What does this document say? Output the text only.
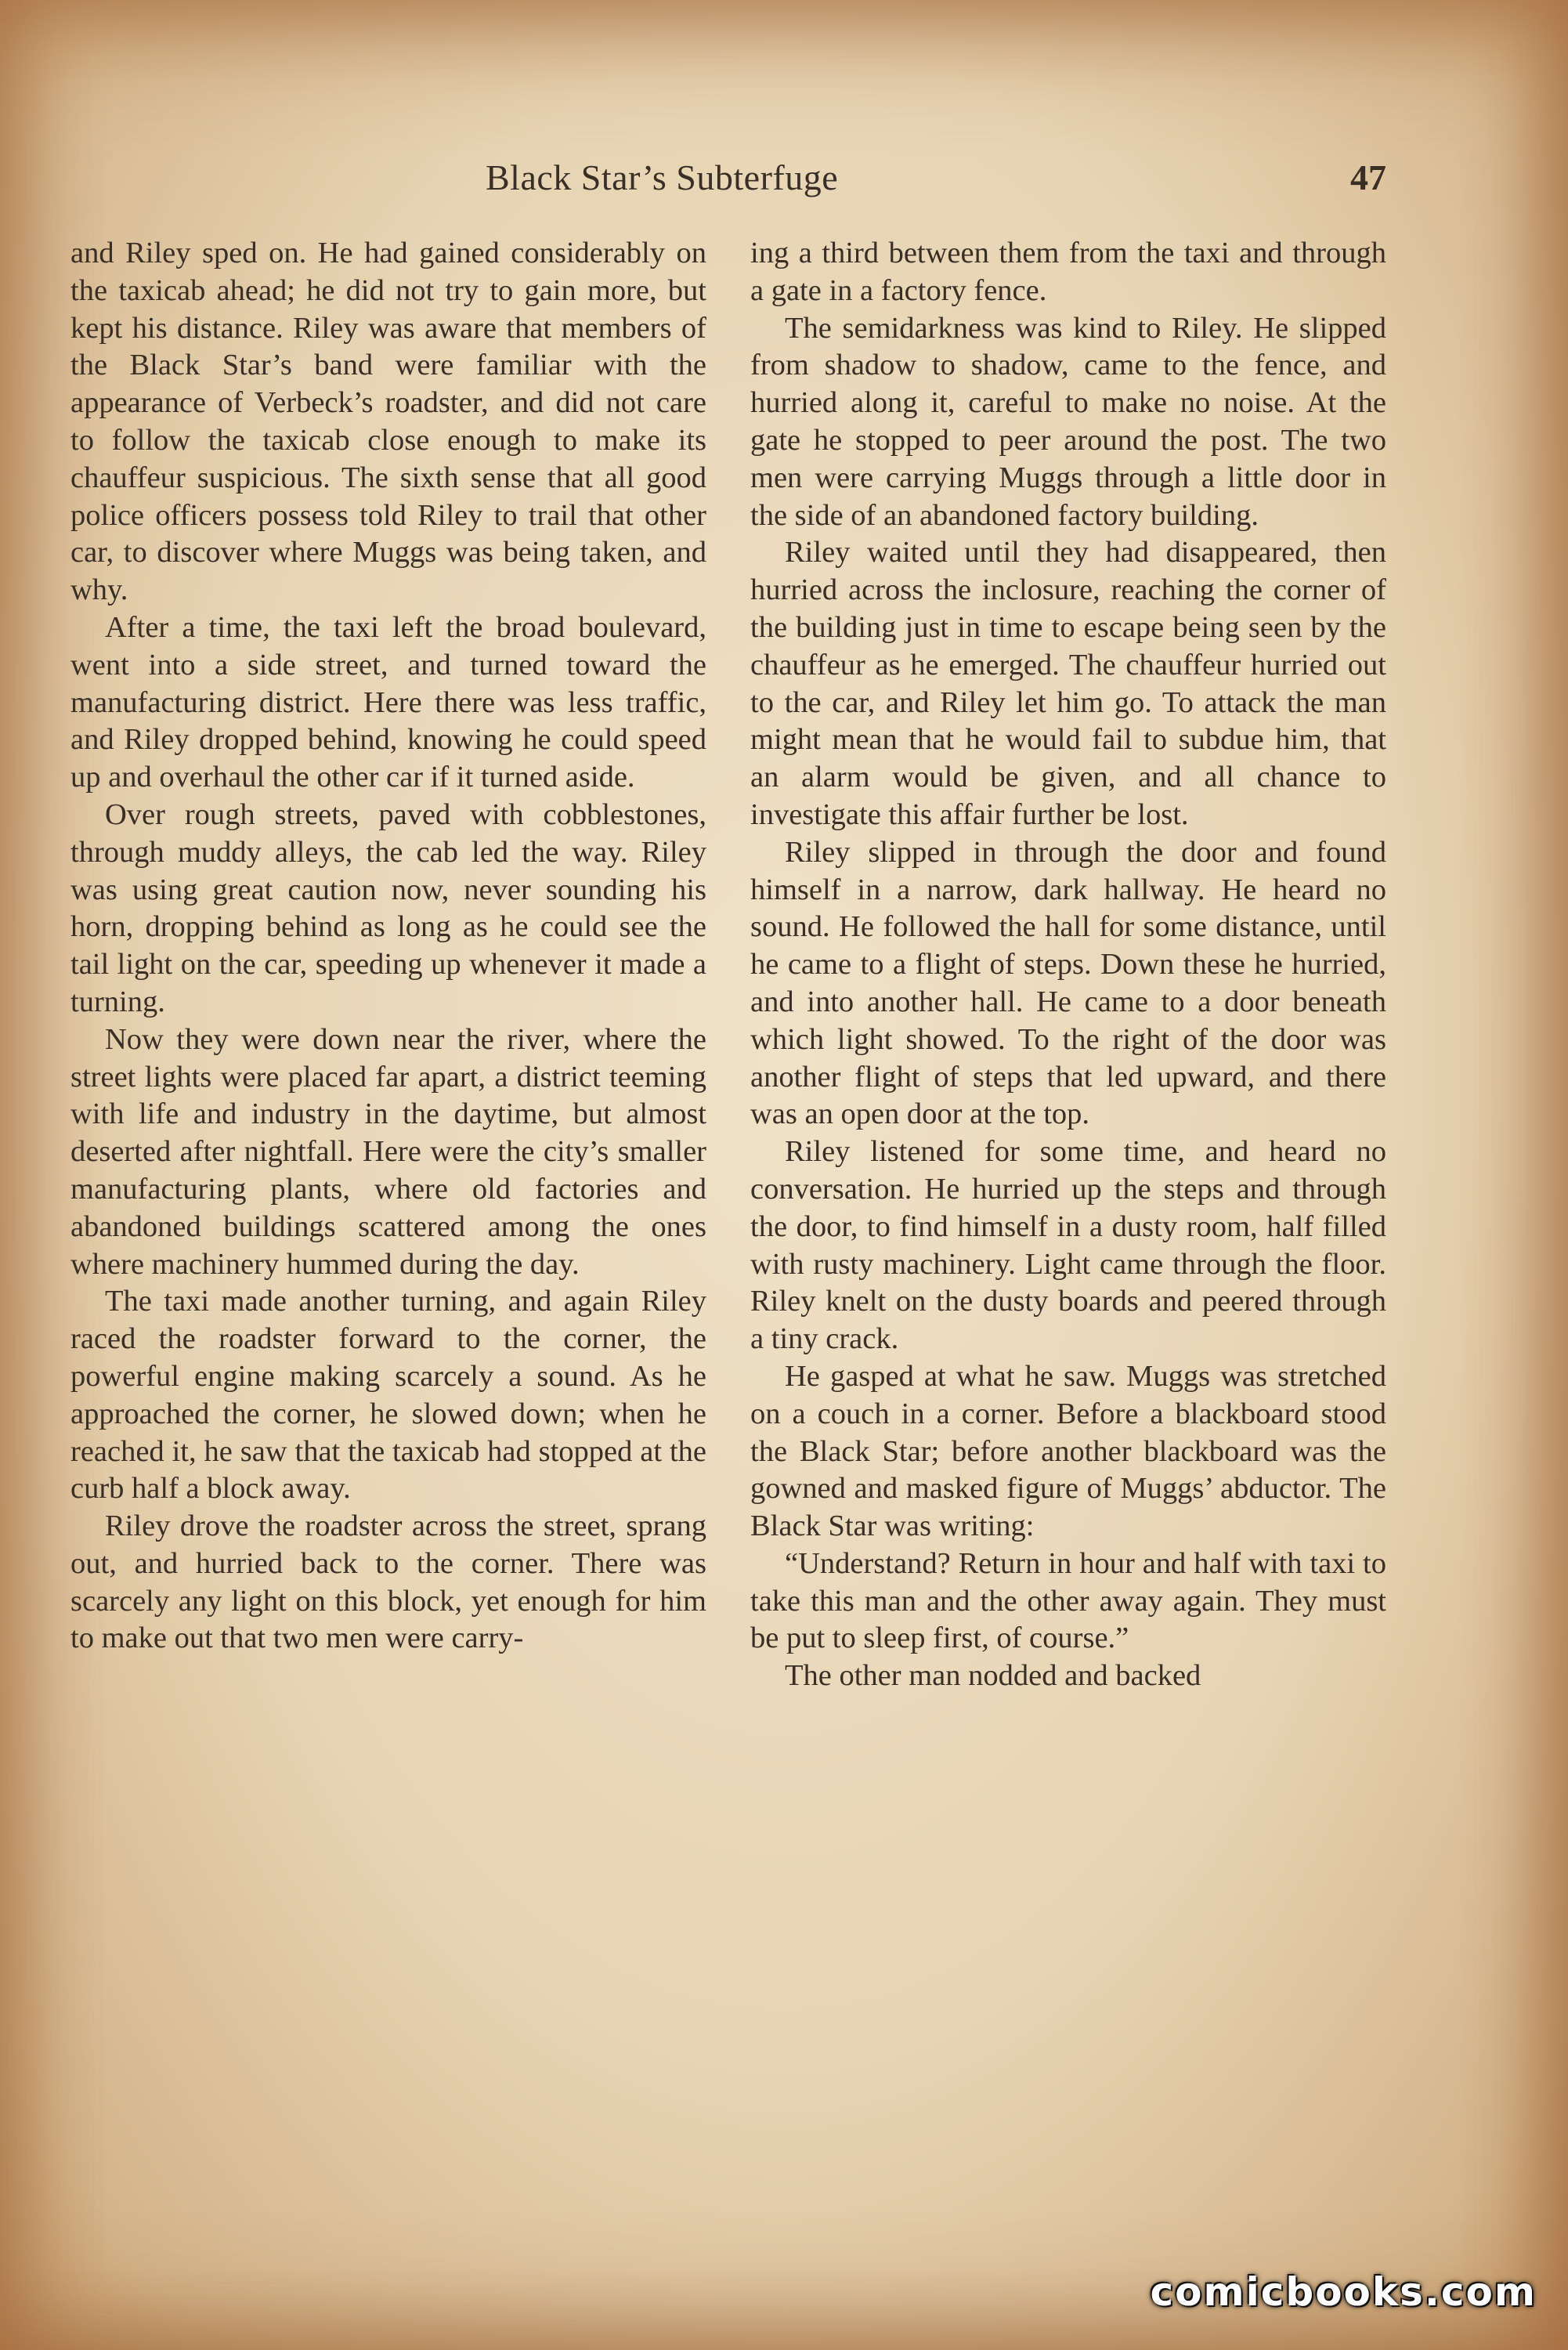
Black Star’s Subterfuge	47

and Riley sped on. He had gained considerably on the taxicab ahead; he did not try to gain more, but kept his distance. Riley was aware that members of the Black Star’s band were familiar with the appearance of Verbeck’s roadster, and did not care to follow the taxicab close enough to make its chauffeur suspicious. The sixth sense that all good police officers possess told Riley to trail that other car, to discover where Muggs was being taken, and why.

After a time, the taxi left the broad boulevard, went into a side street, and turned toward the manufacturing district. Here there was less traffic, and Riley dropped behind, knowing he could speed up and overhaul the other car if it turned aside.

Over rough streets, paved with cobblestones, through muddy alleys, the cab led the way. Riley was using great caution now, never sounding his horn, dropping behind as long as he could see the tail light on the car, speeding up whenever it made a turning.

Now they were down near the river, where the street lights were placed far apart, a district teeming with life and industry in the daytime, but almost deserted after nightfall. Here were the city’s smaller manufacturing plants, where old factories and abandoned buildings scattered among the ones where machinery hummed during the day.

The taxi made another turning, and again Riley raced the roadster forward to the corner, the powerful engine making scarcely a sound. As he approached the corner, he slowed down; when he reached it, he saw that the taxicab had stopped at the curb half a block away.

Riley drove the roadster across the street, sprang out, and hurried back to the corner. There was scarcely any light on this block, yet enough for him to make out that two men were carry-

ing a third between them from the taxi and through a gate in a factory fence.

The semidarkness was kind to Riley. He slipped from shadow to shadow, came to the fence, and hurried along it, careful to make no noise. At the gate he stopped to peer around the post. The two men were carrying Muggs through a little door in the side of an abandoned factory building.

Riley waited until they had disappeared, then hurried across the inclosure, reaching the corner of the building just in time to escape being seen by the chauffeur as he emerged. The chauffeur hurried out to the car, and Riley let him go. To attack the man might mean that he would fail to subdue him, that an alarm would be given, and all chance to investigate this affair further be lost.

Riley slipped in through the door and found himself in a narrow, dark hallway. He heard no sound. He followed the hall for some distance, until he came to a flight of steps. Down these he hurried, and into another hall. He came to a door beneath which light showed. To the right of the door was another flight of steps that led upward, and there was an open door at the top.

Riley listened for some time, and heard no conversation. He hurried up the steps and through the door, to find himself in a dusty room, half filled with rusty machinery. Light came through the floor. Riley knelt on the dusty boards and peered through a tiny crack.

He gasped at what he saw. Muggs was stretched on a couch in a corner. Before a blackboard stood the Black Star; before another blackboard was the gowned and masked figure of Muggs’ abductor. The Black Star was writing:

“Understand? Return in hour and half with taxi to take this man and the other away again. They must be put to sleep first, of course.”

The other man nodded and backed

comicbooks.com
